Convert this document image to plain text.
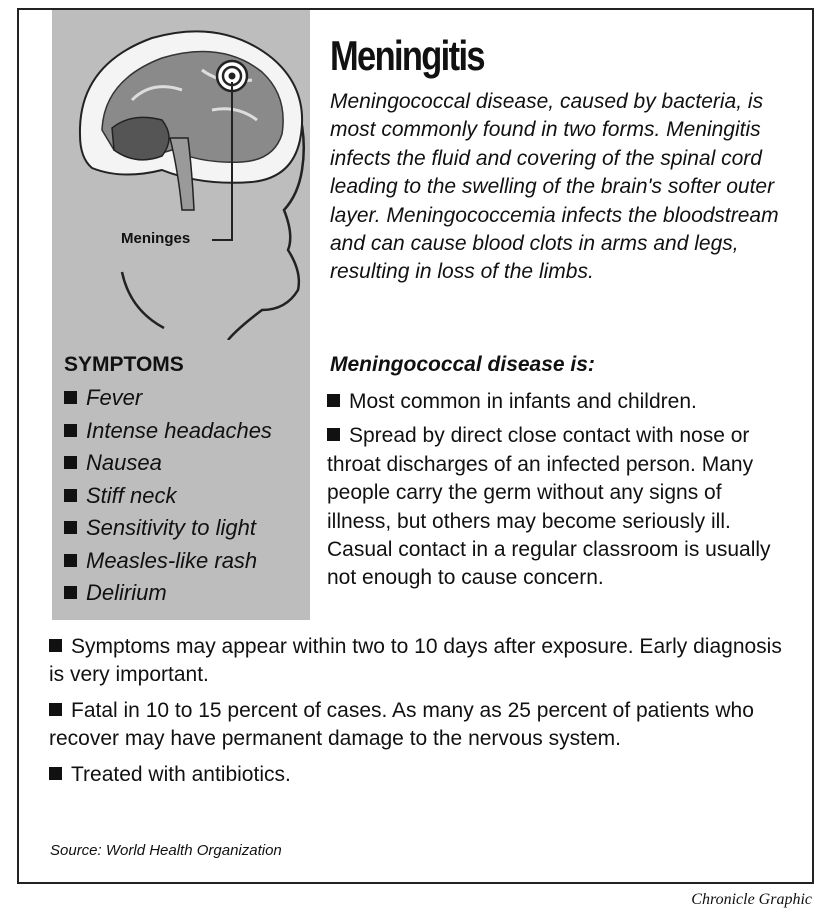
Meninges
Meningitis

Meningococcal disease, caused by bacteria, is most commonly found in two forms. Meningitis infects the fluid and covering of the spinal cord leading to the swelling of the brain's softer outer layer. Meningococcemia infects the bloodstream and can cause blood clots in arms and legs, resulting in loss of the limbs.

SYMPTOMS
Fever
Intense headaches
Nausea
Stiff neck
Sensitivity to light
Measles-like rash
Delirium
Meningococcal disease is:
Most common in infants and children.
Spread by direct close contact with nose or throat discharges of an infected person. Many people carry the germ without any signs of illness, but others may become seriously ill. Casual contact in a regular classroom is usually not enough to cause concern.
Symptoms may appear within two to 10 days after exposure. Early diagnosis is very important.
Fatal in 10 to 15 percent of cases. As many as 25 percent of patients who recover may have permanent damage to the nervous system.
Treated with antibiotics.
Source: World Health Organization
Chronicle Graphic
